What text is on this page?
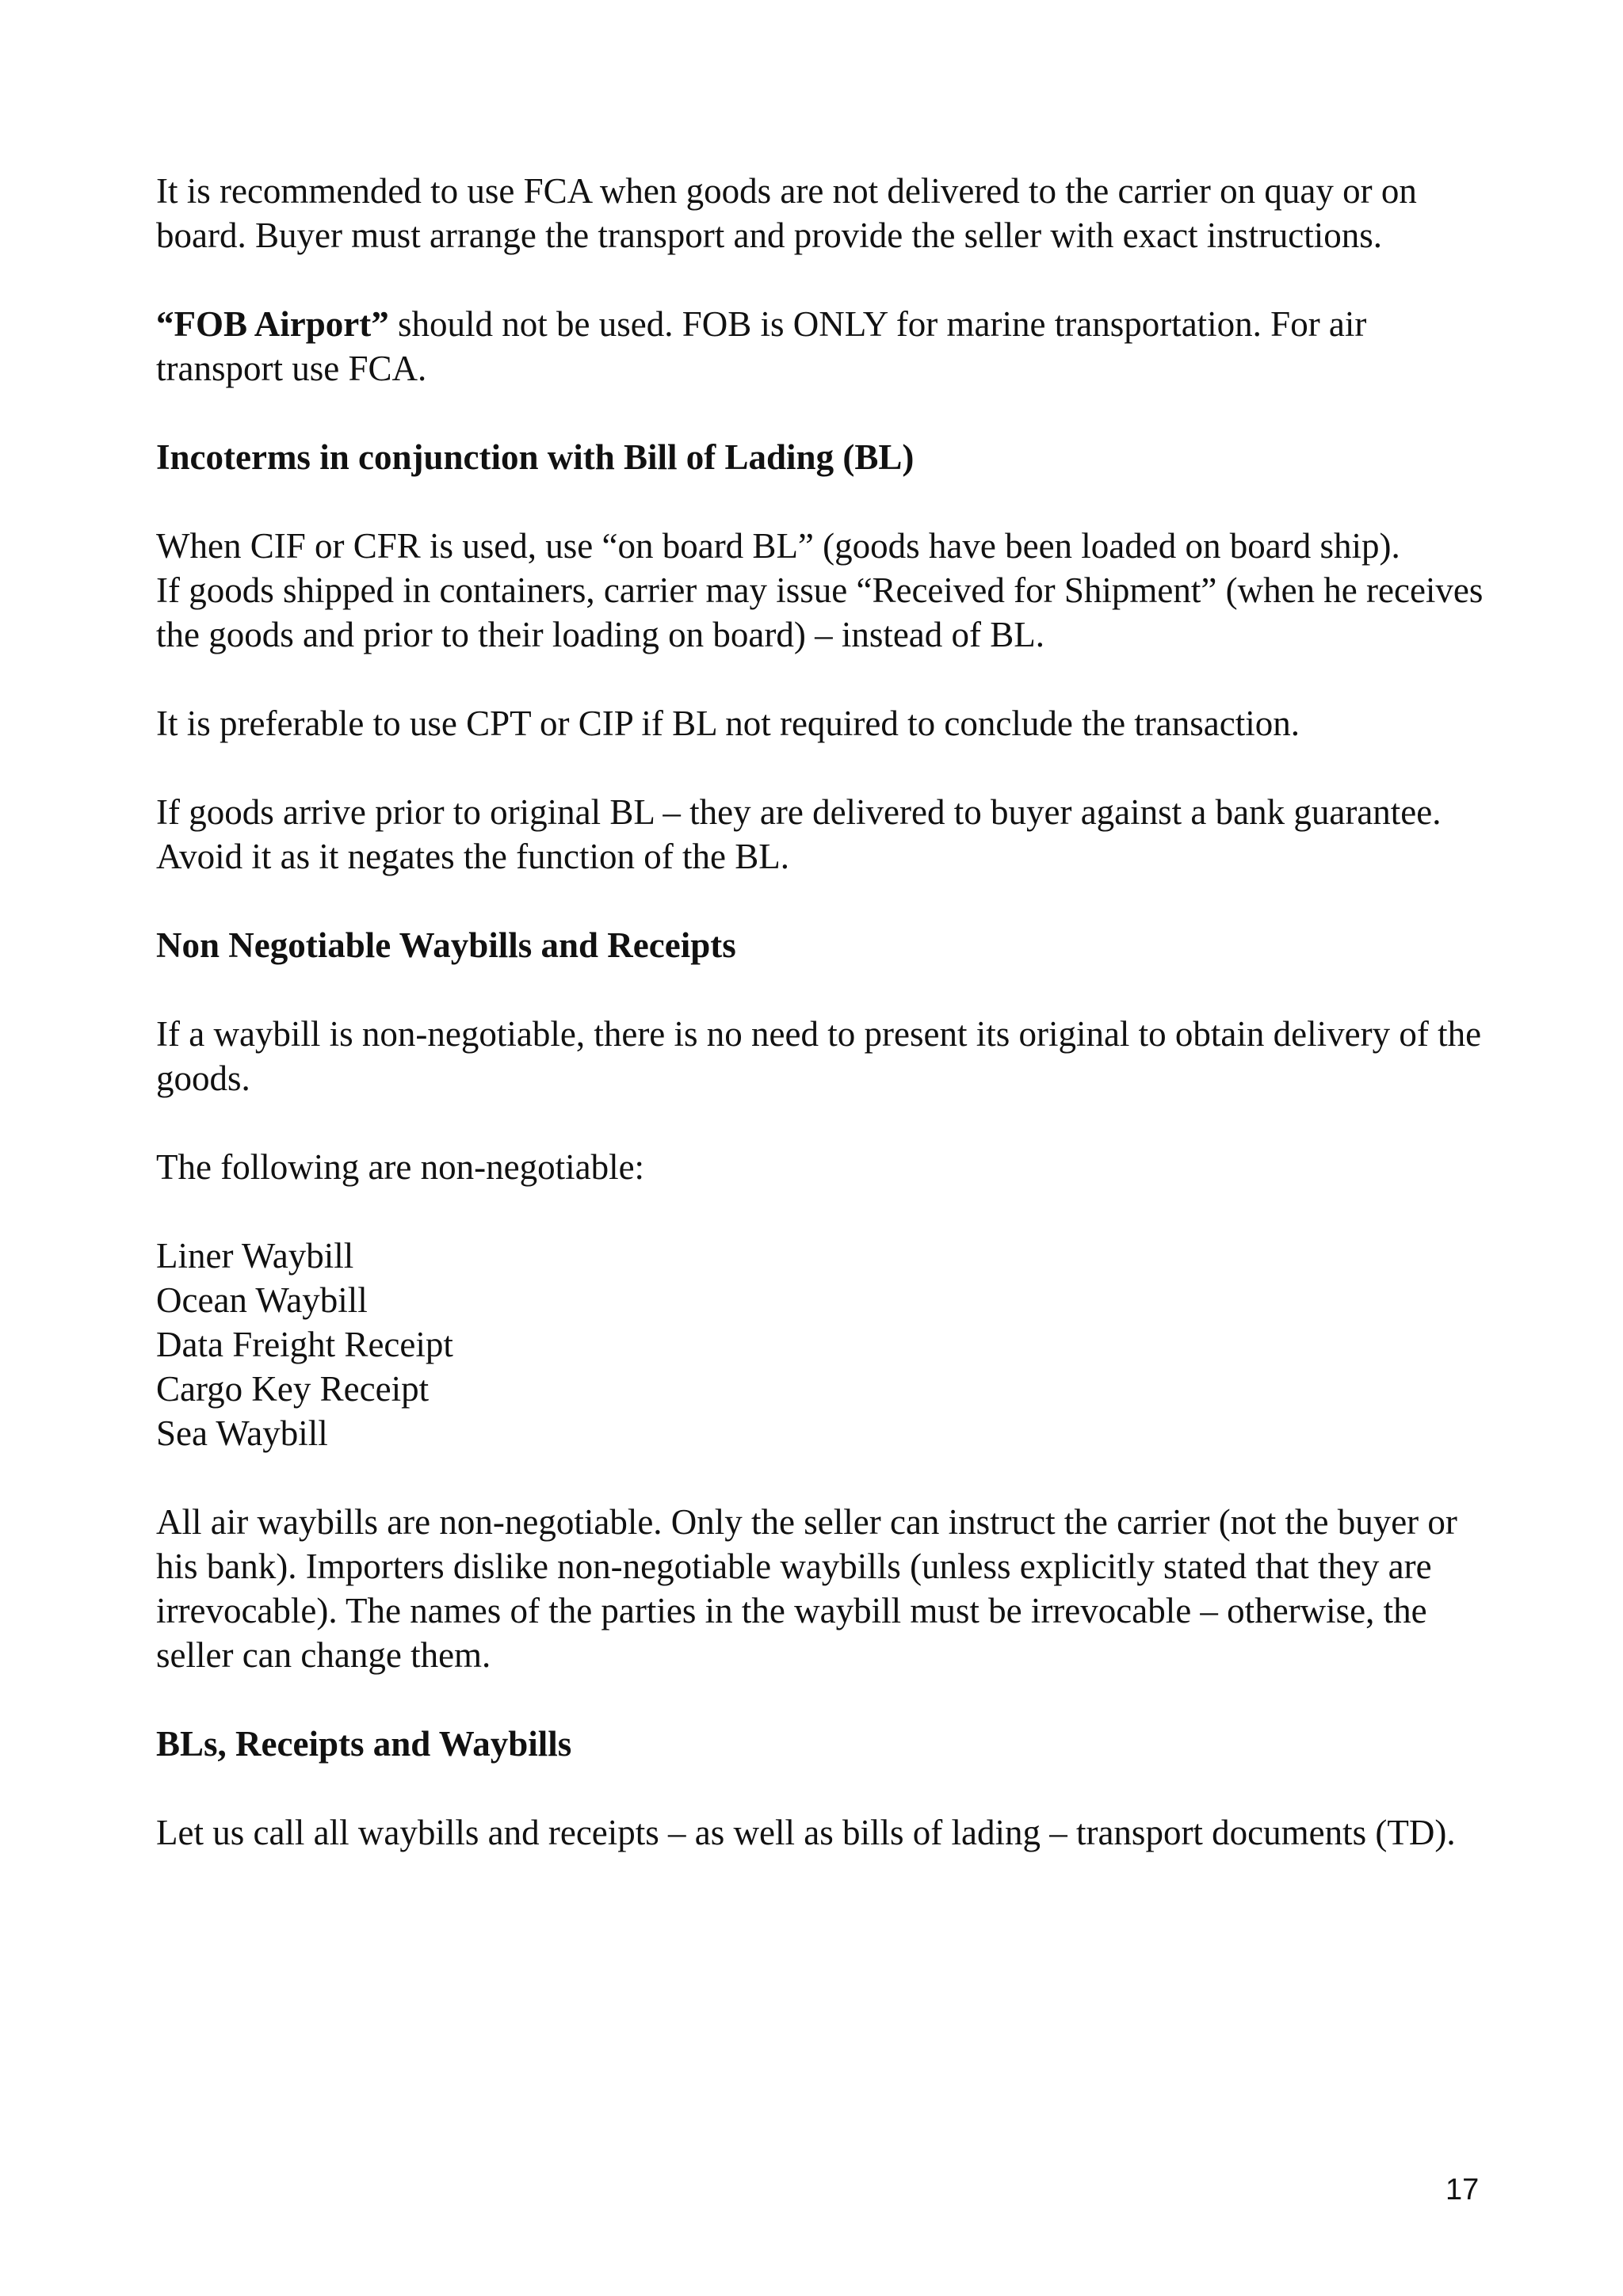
It is recommended to use FCA when goods are not delivered to the carrier on quay or on board. Buyer must arrange the transport and provide the seller with exact instructions.

“FOB Airport” should not be used. FOB is ONLY for marine transportation. For air transport use FCA.

Incoterms in conjunction with Bill of Lading (BL)

When CIF or CFR is used, use “on board BL” (goods have been loaded on board ship).

If goods shipped in containers, carrier may issue “Received for Shipment” (when he receives the goods and prior to their loading on board) – instead of BL.

It is preferable to use CPT or CIP if BL not required to conclude the transaction.

If goods arrive prior to original BL – they are delivered to buyer against a bank guarantee. Avoid it as it negates the function of the BL.

Non Negotiable Waybills and Receipts

If a waybill is non-negotiable, there is no need to present its original to obtain delivery of the goods.

The following are non-negotiable:

Liner Waybill
Ocean Waybill
Data Freight Receipt
Cargo Key Receipt
Sea Waybill

All air waybills are non-negotiable. Only the seller can instruct the carrier (not the buyer or his bank). Importers dislike non-negotiable waybills (unless explicitly stated that they are irrevocable). The names of the parties in the waybill must be irrevocable – otherwise, the seller can change them.

BLs, Receipts and Waybills

Let us call all waybills and receipts – as well as bills of lading – transport documents (TD).

17
